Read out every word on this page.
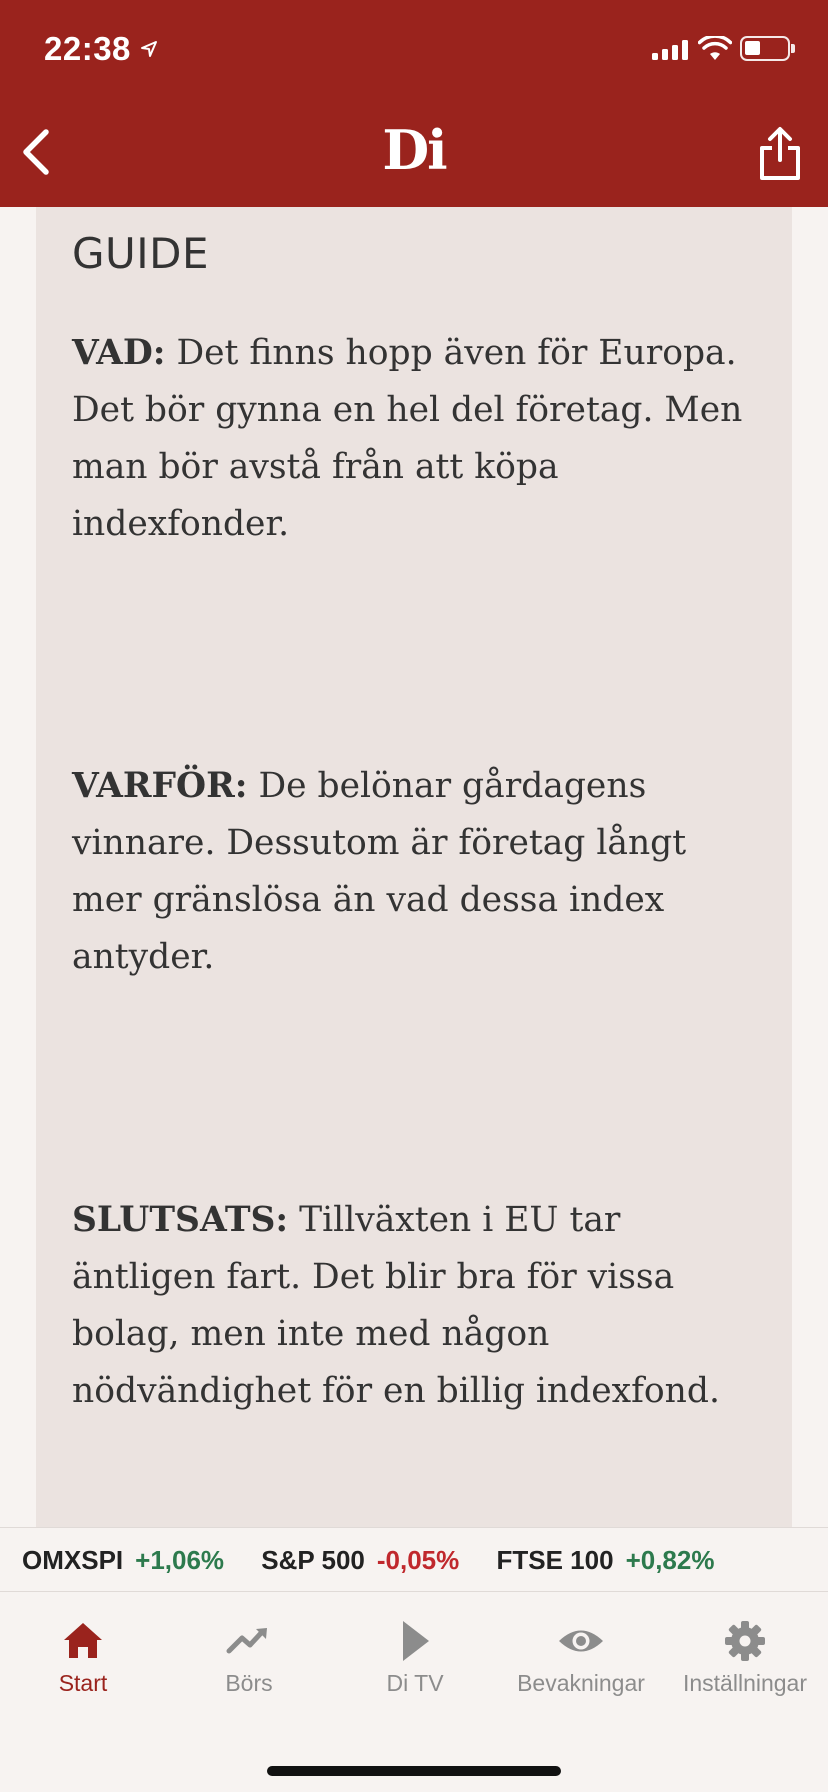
22:38
Di
GUIDE

VAD: Det finns hopp även för Europa. Det bör gynna en hel del företag. Men man bör avstå från att köpa indexfonder.

VARFÖR: De belönar gårdagens vinnare. Dessutom är företag långt mer gränslösa än vad dessa index antyder.

SLUTSATS: Tillväxten i EU tar äntligen fart. Det blir bra för vissa bolag, men inte med någon nödvändighet för en billig indexfond.

OMXSPI +1,06% S&P 500 -0,05% FTSE 100 +0,82%
Start	Börs	Di TV	Bevakningar	Inställningar
